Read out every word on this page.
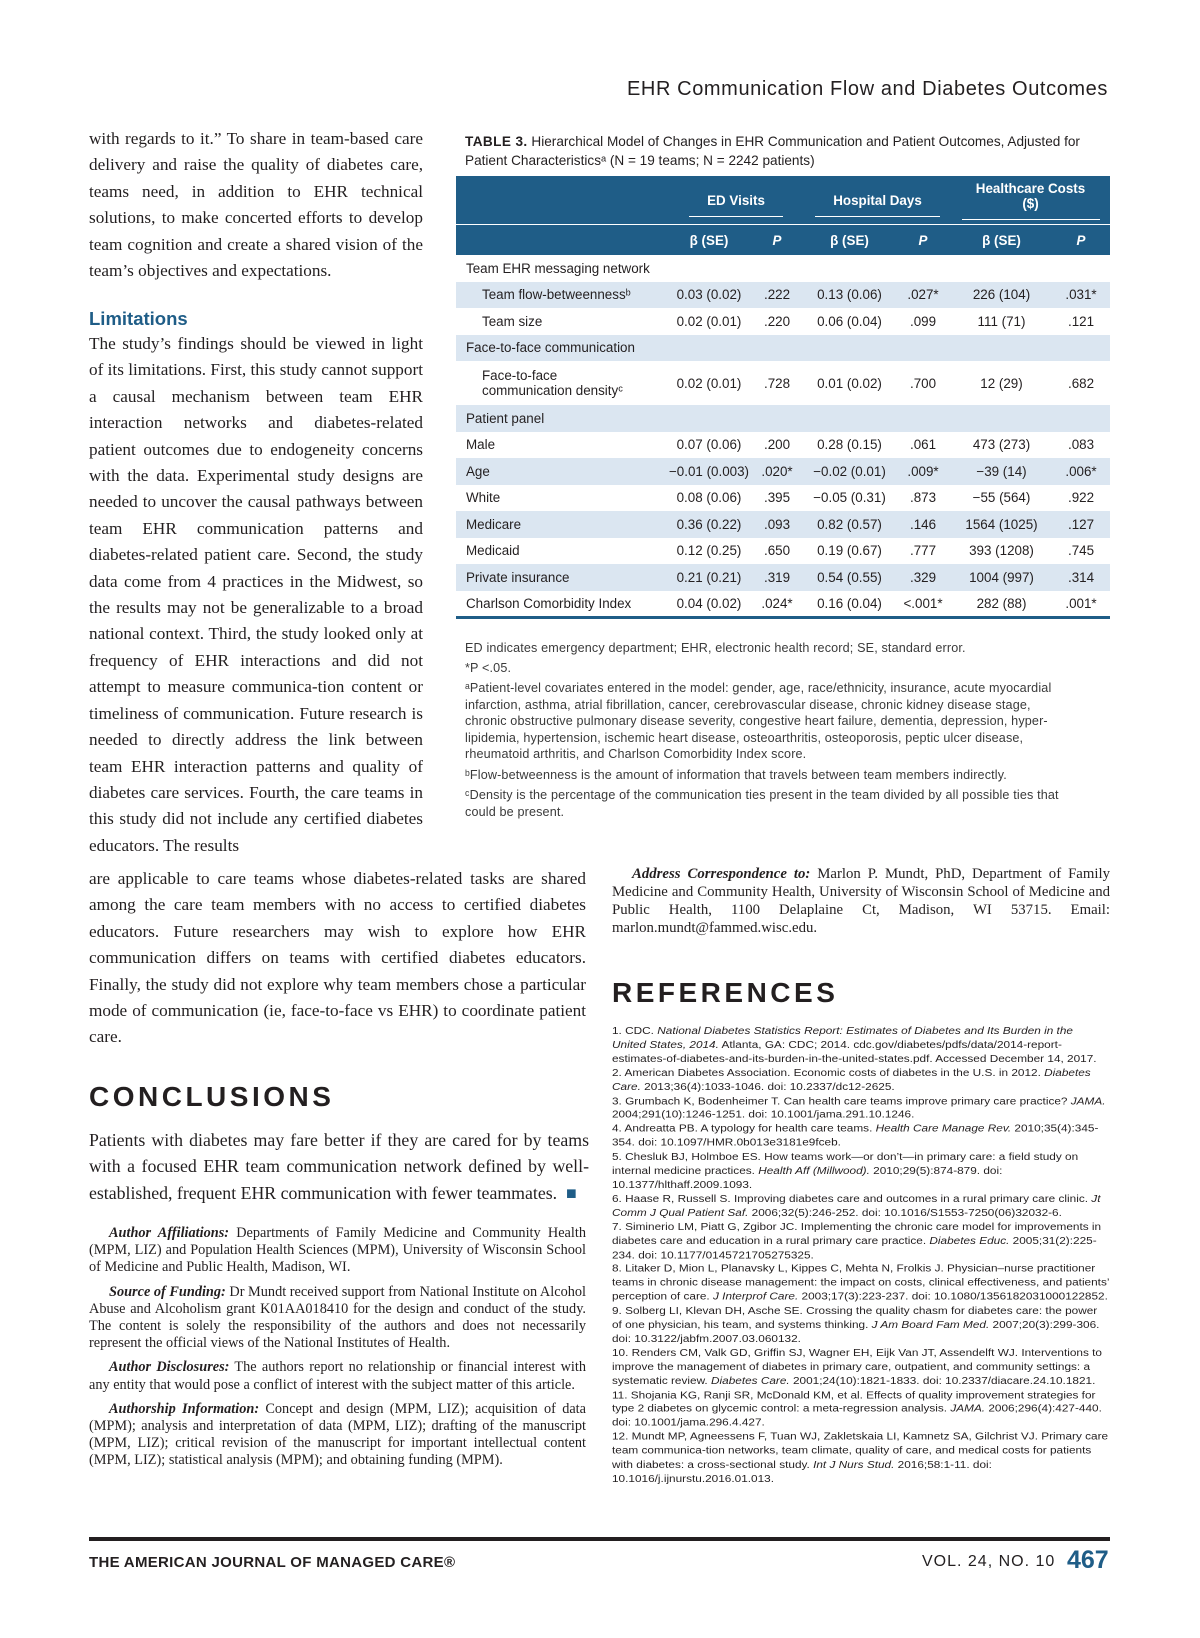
EHR Communication Flow and Diabetes Outcomes

with regards to it.” To share in team-based care delivery and raise the quality of diabetes care, teams need, in addition to EHR technical solutions, to make concerted efforts to develop team cognition and create a shared vision of the team’s objectives and expectations.

Limitations

The study’s findings should be viewed in light of its limitations. First, this study cannot support a causal mechanism between team EHR interaction networks and diabetes-related patient outcomes due to endogeneity concerns with the data. Experimental study designs are needed to uncover the causal pathways between team EHR communication patterns and diabetes-related patient care. Second, the study data come from 4 practices in the Midwest, so the results may not be generalizable to a broad national context. Third, the study looked only at frequency of EHR interactions and did not attempt to measure communica-tion content or timeliness of communication. Future research is needed to directly address the link between team EHR interaction patterns and quality of diabetes care services. Fourth, the care teams in this study did not include any certified diabetes educators. The results

are applicable to care teams whose diabetes-related tasks are shared among the care team members with no access to certified diabetes educators. Future researchers may wish to explore how EHR communication differs on teams with certified diabetes educators. Finally, the study did not explore why team members chose a particular mode of communication (ie, face-to-face vs EHR) to coordinate patient care.

CONCLUSIONS

Patients with diabetes may fare better if they are cared for by teams with a focused EHR team communication network defined by well-established, frequent EHR communication with fewer teammates. ■

Author Affiliations: Departments of Family Medicine and Community Health (MPM, LIZ) and Population Health Sciences (MPM), University of Wisconsin School of Medicine and Public Health, Madison, WI.

Source of Funding: Dr Mundt received support from National Institute on Alcohol Abuse and Alcoholism grant K01AA018410 for the design and conduct of the study. The content is solely the responsibility of the authors and does not necessarily represent the official views of the National Institutes of Health.

Author Disclosures: The authors report no relationship or financial interest with any entity that would pose a conflict of interest with the subject matter of this article.

Authorship Information: Concept and design (MPM, LIZ); acquisition of data (MPM); analysis and interpretation of data (MPM, LIZ); drafting of the manuscript (MPM, LIZ); critical revision of the manuscript for important intellectual content (MPM, LIZ); statistical analysis (MPM); and obtaining funding (MPM).

TABLE 3. Hierarchical Model of Changes in EHR Communication and Patient Outcomes, Adjusted for Patient Characteristicsᵃ (N = 19 teams; N = 2242 patients)
	ED Visits		Hospital Days		Healthcare Costs ($)	
	β (SE)	P	β (SE)	P	β (SE)	P
Team EHR messaging network						
Team flow-betweennessᵇ	0.03 (0.02)	.222	0.13 (0.06)	.027*	226 (104)	.031*
Team size	0.02 (0.01)	.220	0.06 (0.04)	.099	111 (71)	.121
Face-to-face communication						
Face-to-face
communication densityᶜ	0.02 (0.01)	.728	0.01 (0.02)	.700	12 (29)	.682
Patient panel						
Male	0.07 (0.06)	.200	0.28 (0.15)	.061	473 (273)	.083
Age	−0.01 (0.003)	.020*	−0.02 (0.01)	.009*	−39 (14)	.006*
White	0.08 (0.06)	.395	−0.05 (0.31)	.873	−55 (564)	.922
Medicare	0.36 (0.22)	.093	0.82 (0.57)	.146	1564 (1025)	.127
Medicaid	0.12 (0.25)	.650	0.19 (0.67)	.777	393 (1208)	.745
Private insurance	0.21 (0.21)	.319	0.54 (0.55)	.329	1004 (997)	.314
Charlson Comorbidity Index	0.04 (0.02)	.024*	0.16 (0.04)	<.001*	282 (88)	.001*
ED indicates emergency department; EHR, electronic health record; SE, standard error.
*P <.05.
ᵃPatient-level covariates entered in the model: gender, age, race/ethnicity, insurance, acute myocardial infarction, asthma, atrial fibrillation, cancer, cerebrovascular disease, chronic kidney disease stage, chronic obstructive pulmonary disease severity, congestive heart failure, dementia, depression, hyper-lipidemia, hypertension, ischemic heart disease, osteoarthritis, osteoporosis, peptic ulcer disease, rheumatoid arthritis, and Charlson Comorbidity Index score.
ᵇFlow-betweenness is the amount of information that travels between team members indirectly.
ᶜDensity is the percentage of the communication ties present in the team divided by all possible ties that could be present.
Address Correspondence to: Marlon P. Mundt, PhD, Department of Family Medicine and Community Health, University of Wisconsin School of Medicine and Public Health, 1100 Delaplaine Ct, Madison, WI 53715. Email: marlon.mundt@fammed.wisc.edu.
REFERENCES
1. CDC. National Diabetes Statistics Report: Estimates of Diabetes and Its Burden in the United States, 2014. Atlanta, GA: CDC; 2014. cdc.gov/diabetes/pdfs/data/2014-report-estimates-of-diabetes-and-its-burden-in-the-united-states.pdf. Accessed December 14, 2017.
2. American Diabetes Association. Economic costs of diabetes in the U.S. in 2012. Diabetes Care. 2013;36(4):1033-1046. doi: 10.2337/dc12-2625.
3. Grumbach K, Bodenheimer T. Can health care teams improve primary care practice? JAMA. 2004;291(10):1246-1251. doi: 10.1001/jama.291.10.1246.
4. Andreatta PB. A typology for health care teams. Health Care Manage Rev. 2010;35(4):345-354. doi: 10.1097/HMR.0b013e3181e9fceb.
5. Chesluk BJ, Holmboe ES. How teams work—or don’t—in primary care: a field study on internal medicine practices. Health Aff (Millwood). 2010;29(5):874-879. doi: 10.1377/hlthaff.2009.1093.
6. Haase R, Russell S. Improving diabetes care and outcomes in a rural primary care clinic. Jt Comm J Qual Patient Saf. 2006;32(5):246-252. doi: 10.1016/S1553-7250(06)32032-6.
7. Siminerio LM, Piatt G, Zgibor JC. Implementing the chronic care model for improvements in diabetes care and education in a rural primary care practice. Diabetes Educ. 2005;31(2):225-234. doi: 10.1177/0145721705275325.
8. Litaker D, Mion L, Planavsky L, Kippes C, Mehta N, Frolkis J. Physician–nurse practitioner teams in chronic disease management: the impact on costs, clinical effectiveness, and patients’ perception of care. J Interprof Care. 2003;17(3):223-237. doi: 10.1080/1356182031000122852.
9. Solberg LI, Klevan DH, Asche SE. Crossing the quality chasm for diabetes care: the power of one physician, his team, and systems thinking. J Am Board Fam Med. 2007;20(3):299-306. doi: 10.3122/jabfm.2007.03.060132.
10. Renders CM, Valk GD, Griffin SJ, Wagner EH, Eijk Van JT, Assendelft WJ. Interventions to improve the management of diabetes in primary care, outpatient, and community settings: a systematic review. Diabetes Care. 2001;24(10):1821-1833. doi: 10.2337/diacare.24.10.1821.
11. Shojania KG, Ranji SR, McDonald KM, et al. Effects of quality improvement strategies for type 2 diabetes on glycemic control: a meta-regression analysis. JAMA. 2006;296(4):427-440. doi: 10.1001/jama.296.4.427.
12. Mundt MP, Agneessens F, Tuan WJ, Zakletskaia LI, Kamnetz SA, Gilchrist VJ. Primary care team communica-tion networks, team climate, quality of care, and medical costs for patients with diabetes: a cross-sectional study. Int J Nurs Stud. 2016;58:1-11. doi: 10.1016/j.ijnurstu.2016.01.013.
THE AMERICAN JOURNAL OF MANAGED CARE®	VOL. 24, NO. 10 467
